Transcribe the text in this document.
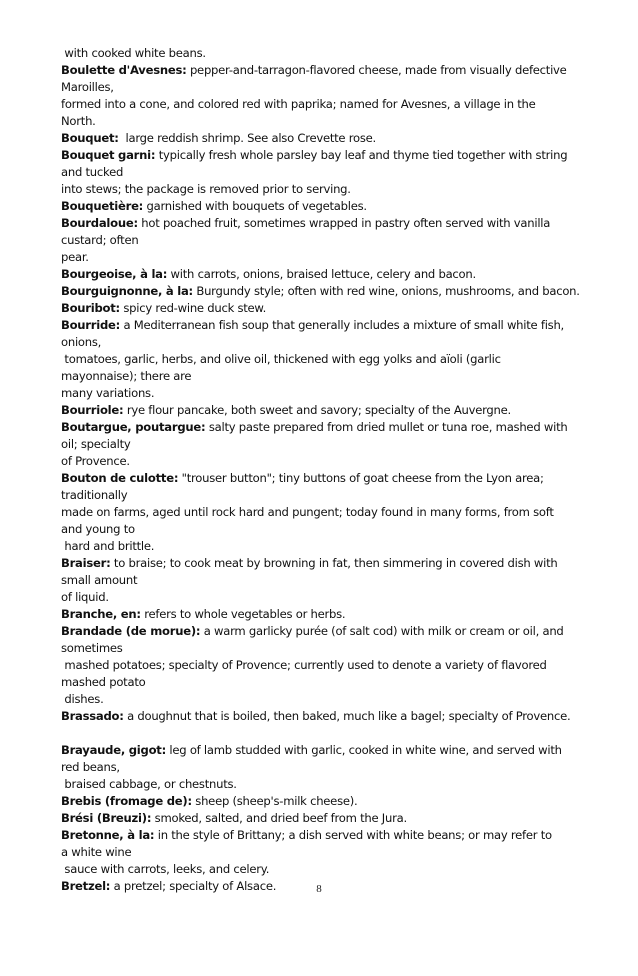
with cooked white beans.
Boulette d'Avesnes: pepper-and-tarragon-flavored cheese, made from visually defective
Maroilles,
formed into a cone, and colored red with paprika; named for Avesnes, a village in the
North.
Bouquet:  large reddish shrimp. See also Crevette rose.
Bouquet garni: typically fresh whole parsley bay leaf and thyme tied together with string
and tucked
into stews; the package is removed prior to serving.
Bouquetière: garnished with bouquets of vegetables.
Bourdaloue: hot poached fruit, sometimes wrapped in pastry often served with vanilla
custard; often
pear.
Bourgeoise, à la: with carrots, onions, braised lettuce, celery and bacon.
Bourguignonne, à la: Burgundy style; often with red wine, onions, mushrooms, and bacon.
Bouribot: spicy red-wine duck stew.
Bourride: a Mediterranean fish soup that generally includes a mixture of small white fish,
onions,
tomatoes, garlic, herbs, and olive oil, thickened with egg yolks and aïoli (garlic
mayonnaise); there are
many variations.
Bourriole: rye flour pancake, both sweet and savory; specialty of the Auvergne.
Boutargue, poutargue: salty paste prepared from dried mullet or tuna roe, mashed with
oil; specialty
of Provence.
Bouton de culotte: "trouser button"; tiny buttons of goat cheese from the Lyon area;
traditionally
made on farms, aged until rock hard and pungent; today found in many forms, from soft
and young to
hard and brittle.
Braiser: to braise; to cook meat by browning in fat, then simmering in covered dish with
small amount
of liquid.
Branche, en: refers to whole vegetables or herbs.
Brandade (de morue): a warm garlicky purée (of salt cod) with milk or cream or oil, and
sometimes
mashed potatoes; specialty of Provence; currently used to denote a variety of flavored
mashed potato
dishes.
Brassado: a doughnut that is boiled, then baked, much like a bagel; specialty of Provence.
Brayaude, gigot: leg of lamb studded with garlic, cooked in white wine, and served with
red beans,
braised cabbage, or chestnuts.
Brebis (fromage de): sheep (sheep's-milk cheese).
Brési (Breuzi): smoked, salted, and dried beef from the Jura.
Bretonne, à la: in the style of Brittany; a dish served with white beans; or may refer to
a white wine
sauce with carrots, leeks, and celery.
Bretzel: a pretzel; specialty of Alsace.	8
